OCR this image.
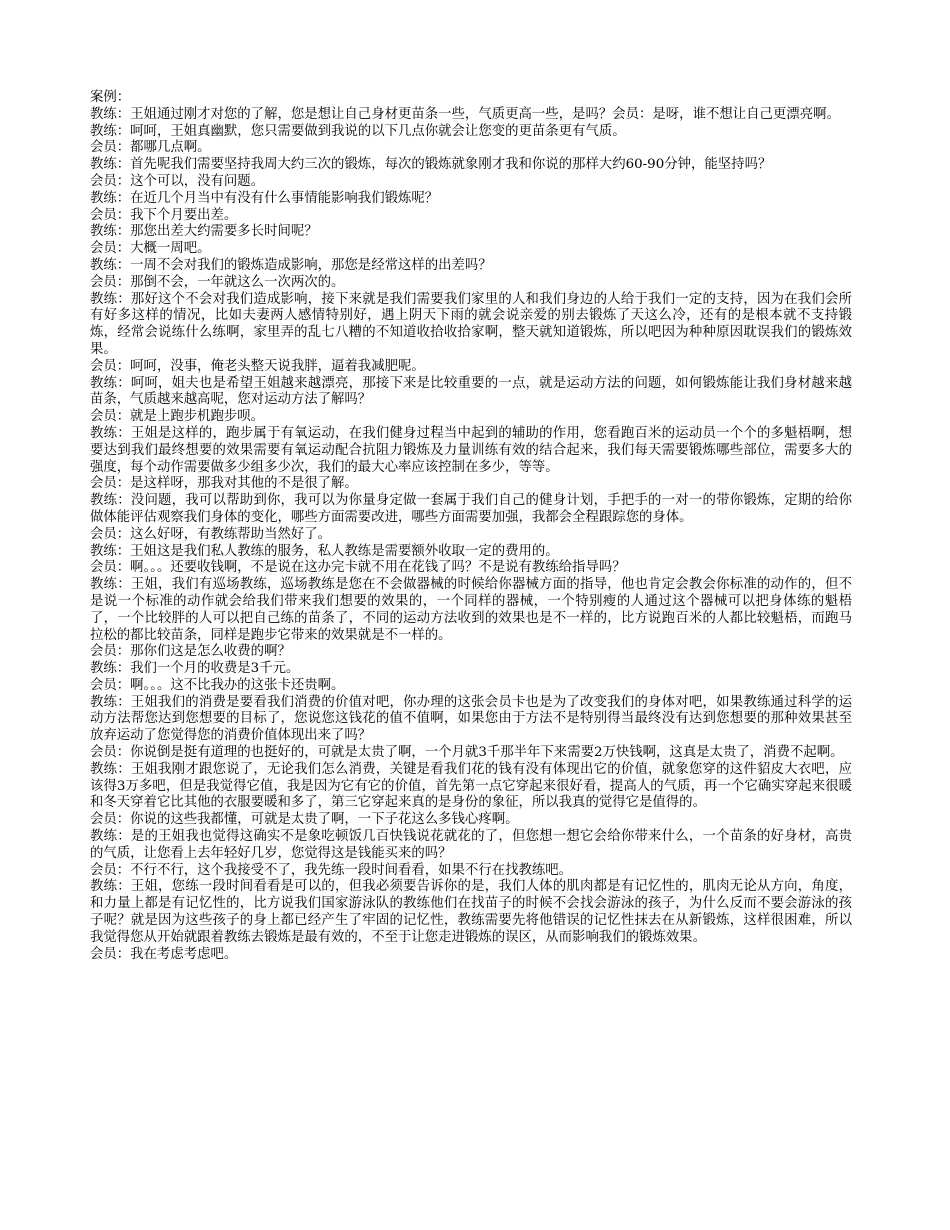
案例：

教练：王姐通过刚才对您的了解，您是想让自己身材更苗条一些，气质更高一些，是吗？会员：是呀，谁不想让自己更漂亮啊。

教练：呵呵，王姐真幽默，您只需要做到我说的以下几点你就会让您变的更苗条更有气质。

会员：都哪几点啊。

教练：首先呢我们需要坚持我周大约三次的锻炼，每次的锻炼就象刚才我和你说的那样大约60-90分钟，能坚持吗？

会员：这个可以，没有问题。

教练：在近几个月当中有没有什么事情能影响我们锻炼呢？

会员：我下个月要出差。

教练：那您出差大约需要多长时间呢？

会员：大概一周吧。

教练：一周不会对我们的锻炼造成影响，那您是经常这样的出差吗？

会员：那倒不会，一年就这么一次两次的。

教练：那好这个不会对我们造成影响，接下来就是我们需要我们家里的人和我们身边的人给于我们一定的支持，因为在我们会所有好多这样的情况，比如夫妻两人感情特别好，遇上阴天下雨的就会说亲爱的别去锻炼了天这么冷，还有的是根本就不支持锻炼，经常会说练什么练啊，家里弄的乱七八糟的不知道收拾收拾家啊，整天就知道锻炼，所以吧因为种种原因耽误我们的锻炼效果。

会员：呵呵，没事，俺老头整天说我胖，逼着我减肥呢。

教练：呵呵，姐夫也是希望王姐越来越漂亮，那接下来是比较重要的一点，就是运动方法的问题，如何锻炼能让我们身材越来越苗条，气质越来越高呢，您对运动方法了解吗？

会员：就是上跑步机跑步呗。

教练：王姐是这样的，跑步属于有氧运动，在我们健身过程当中起到的辅助的作用，您看跑百米的运动员一个个的多魁梧啊，想要达到我们最终想要的效果需要有氧运动配合抗阻力锻炼及力量训练有效的结合起来，我们每天需要锻炼哪些部位，需要多大的强度，每个动作需要做多少组多少次，我们的最大心率应该控制在多少，等等。

会员：是这样呀，那我对其他的不是很了解。

教练：没问题，我可以帮助到你，我可以为你量身定做一套属于我们自己的健身计划，手把手的一对一的带你锻炼，定期的给你做体能评估观察我们身体的变化，哪些方面需要改进，哪些方面需要加强，我都会全程跟踪您的身体。

会员：这么好呀，有教练帮助当然好了。

教练：王姐这是我们私人教练的服务，私人教练是需要额外收取一定的费用的。

会员：啊。。。还要收钱啊，不是说在这办完卡就不用在花钱了吗？不是说有教练给指导吗？

教练：王姐，我们有巡场教练，巡场教练是您在不会做器械的时候给你器械方面的指导，他也肯定会教会你标准的动作的，但不是说一个标准的动作就会给我们带来我们想要的效果的，一个同样的器械，一个特别瘦的人通过这个器械可以把身体练的魁梧了，一个比较胖的人可以把自己练的苗条了，不同的运动方法收到的效果也是不一样的，比方说跑百米的人都比较魁梧，而跑马拉松的都比较苗条，同样是跑步它带来的效果就是不一样的。

会员：那你们这是怎么收费的啊？

教练：我们一个月的收费是3千元。

会员：啊。。。这不比我办的这张卡还贵啊。

教练：王姐我们的消费是要看我们消费的价值对吧，你办理的这张会员卡也是为了改变我们的身体对吧，如果教练通过科学的运动方法帮您达到您想要的目标了，您说您这钱花的值不值啊，如果您由于方法不是特别得当最终没有达到您想要的那种效果甚至放弃运动了您觉得您的消费价值体现出来了吗？

会员：你说倒是挺有道理的也挺好的，可就是太贵了啊，一个月就3千那半年下来需要2万快钱啊，这真是太贵了，消费不起啊。

教练：王姐我刚才跟您说了，无论我们怎么消费，关键是看我们花的钱有没有体现出它的价值，就象您穿的这件貂皮大衣吧，应该得3万多吧，但是我觉得它值，我是因为它有它的价值，首先第一点它穿起来很好看，提高人的气质，再一个它确实穿起来很暖和冬天穿着它比其他的衣服要暖和多了，第三它穿起来真的是身份的象征，所以我真的觉得它是值得的。

会员：你说的这些我都懂，可就是太贵了啊，一下子花这么多钱心疼啊。

教练：是的王姐我也觉得这确实不是象吃顿饭几百快钱说花就花的了，但您想一想它会给你带来什么，一个苗条的好身材，高贵的气质，让您看上去年轻好几岁，您觉得这是钱能买来的吗？

会员：不行不行，这个我接受不了，我先练一段时间看看，如果不行在找教练吧。

教练：王姐，您练一段时间看看是可以的，但我必须要告诉你的是，我们人体的肌肉都是有记忆性的，肌肉无论从方向，角度，和力量上都是有记忆性的，比方说我们国家游泳队的教练他们在找苗子的时候不会找会游泳的孩子，为什么反而不要会游泳的孩子呢？就是因为这些孩子的身上都已经产生了牢固的记忆性，教练需要先将他错误的记忆性抹去在从新锻炼，这样很困难，所以我觉得您从开始就跟着教练去锻炼是最有效的，不至于让您走进锻炼的误区，从而影响我们的锻炼效果。

会员：我在考虑考虑吧。
